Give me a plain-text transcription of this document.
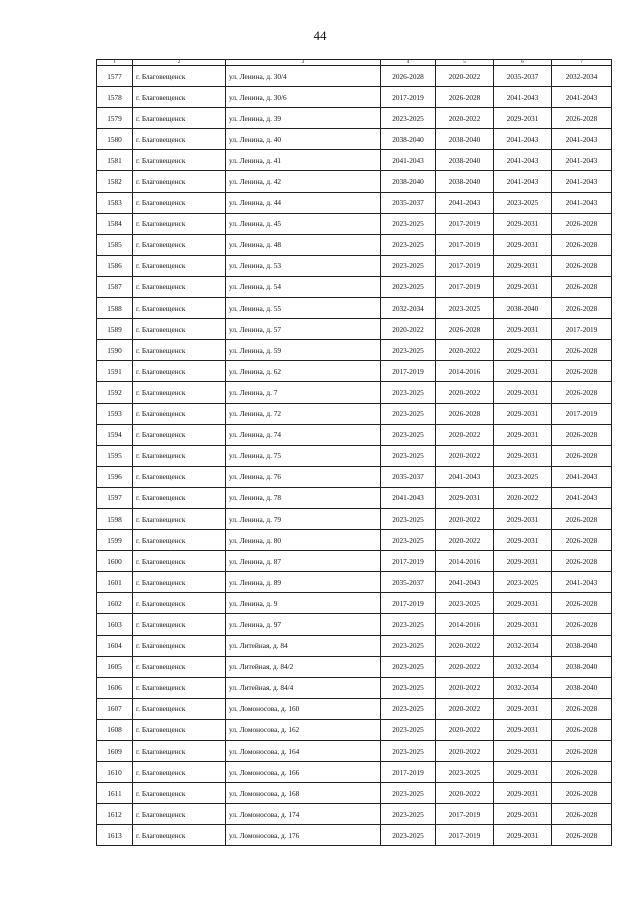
44
1	2	3	4	5	6	7
1577	г. Благовещенск	ул. Ленина, д. 30/4	2026-2028	2020-2022	2035-2037	2032-2034
1578	г. Благовещенск	ул. Ленина, д. 30/6	2017-2019	2026-2028	2041-2043	2041-2043
1579	г. Благовещенск	ул. Ленина, д. 39	2023-2025	2020-2022	2029-2031	2026-2028
1580	г. Благовещенск	ул. Ленина, д. 40	2038-2040	2038-2040	2041-2043	2041-2043
1581	г. Благовещенск	ул. Ленина, д. 41	2041-2043	2038-2040	2041-2043	2041-2043
1582	г. Благовещенск	ул. Ленина, д. 42	2038-2040	2038-2040	2041-2043	2041-2043
1583	г. Благовещенск	ул. Ленина, д. 44	2035-2037	2041-2043	2023-2025	2041-2043
1584	г. Благовещенск	ул. Ленина, д. 45	2023-2025	2017-2019	2029-2031	2026-2028
1585	г. Благовещенск	ул. Ленина, д. 48	2023-2025	2017-2019	2029-2031	2026-2028
1586	г. Благовещенск	ул. Ленина, д. 53	2023-2025	2017-2019	2029-2031	2026-2028
1587	г. Благовещенск	ул. Ленина, д. 54	2023-2025	2017-2019	2029-2031	2026-2028
1588	г. Благовещенск	ул. Ленина, д. 55	2032-2034	2023-2025	2038-2040	2026-2028
1589	г. Благовещенск	ул. Ленина, д. 57	2020-2022	2026-2028	2029-2031	2017-2019
1590	г. Благовещенск	ул. Ленина, д. 59	2023-2025	2020-2022	2029-2031	2026-2028
1591	г. Благовещенск	ул. Ленина, д. 62	2017-2019	2014-2016	2029-2031	2026-2028
1592	г. Благовещенск	ул. Ленина, д. 7	2023-2025	2020-2022	2029-2031	2026-2028
1593	г. Благовещенск	ул. Ленина, д. 72	2023-2025	2026-2028	2029-2031	2017-2019
1594	г. Благовещенск	ул. Ленина, д. 74	2023-2025	2020-2022	2029-2031	2026-2028
1595	г. Благовещенск	ул. Ленина, д. 75	2023-2025	2020-2022	2029-2031	2026-2028
1596	г. Благовещенск	ул. Ленина, д. 76	2035-2037	2041-2043	2023-2025	2041-2043
1597	г. Благовещенск	ул. Ленина, д. 78	2041-2043	2029-2031	2020-2022	2041-2043
1598	г. Благовещенск	ул. Ленина, д. 79	2023-2025	2020-2022	2029-2031	2026-2028
1599	г. Благовещенск	ул. Ленина, д. 80	2023-2025	2020-2022	2029-2031	2026-2028
1600	г. Благовещенск	ул. Ленина, д. 87	2017-2019	2014-2016	2029-2031	2026-2028
1601	г. Благовещенск	ул. Ленина, д. 89	2035-2037	2041-2043	2023-2025	2041-2043
1602	г. Благовещенск	ул. Ленина, д. 9	2017-2019	2023-2025	2029-2031	2026-2028
1603	г. Благовещенск	ул. Ленина, д. 97	2023-2025	2014-2016	2029-2031	2026-2028
1604	г. Благовещенск	ул. Литейная, д. 84	2023-2025	2020-2022	2032-2034	2038-2040
1605	г. Благовещенск	ул. Литейная, д. 84/2	2023-2025	2020-2022	2032-2034	2038-2040
1606	г. Благовещенск	ул. Литейная, д. 84/4	2023-2025	2020-2022	2032-2034	2038-2040
1607	г. Благовещенск	ул. Ломоносова, д. 160	2023-2025	2020-2022	2029-2031	2026-2028
1608	г. Благовещенск	ул. Ломоносова, д. 162	2023-2025	2020-2022	2029-2031	2026-2028
1609	г. Благовещенск	ул. Ломоносова, д. 164	2023-2025	2020-2022	2029-2031	2026-2028
1610	г. Благовещенск	ул. Ломоносова, д. 166	2017-2019	2023-2025	2029-2031	2026-2028
1611	г. Благовещенск	ул. Ломоносова, д. 168	2023-2025	2020-2022	2029-2031	2026-2028
1612	г. Благовещенск	ул. Ломоносова, д. 174	2023-2025	2017-2019	2029-2031	2026-2028
1613	г. Благовещенск	ул. Ломоносова, д. 176	2023-2025	2017-2019	2029-2031	2026-2028
